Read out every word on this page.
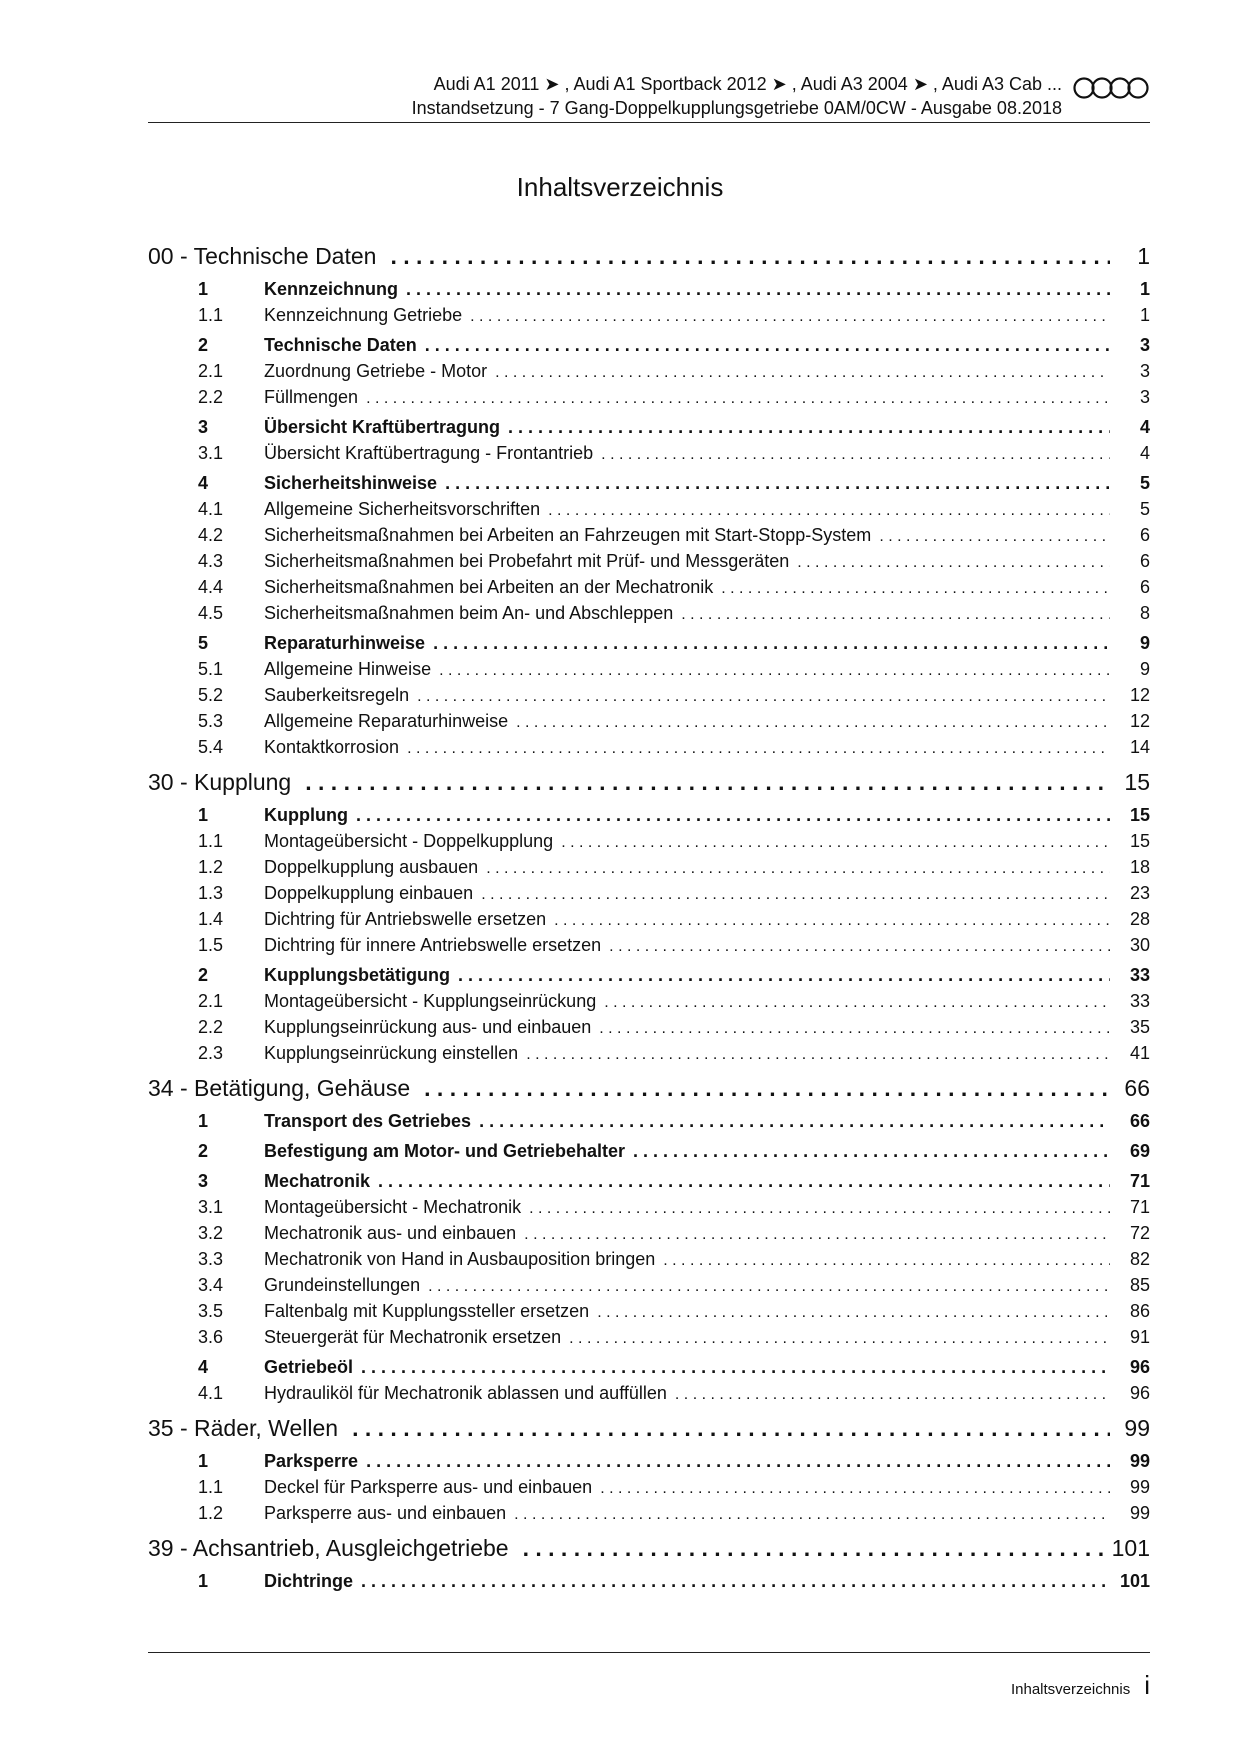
Audi A1 2011 ➤ , Audi A1 Sportback 2012 ➤ , Audi A3 2004 ➤ , Audi A3 Cab ...
Instandsetzung - 7 Gang-Doppelkupplungsgetriebe 0AM/0CW - Ausgabe 08.2018
Inhaltsverzeichnis
00 - Technische Daten . . .	1
1	Kennzeichnung . . .	1
1.1	Kennzeichnung Getriebe . . .	1
2	Technische Daten . . .	3
2.1	Zuordnung Getriebe - Motor . . .	3
2.2	Füllmengen . . .	3
3	Übersicht Kraftübertragung . . .	4
3.1	Übersicht Kraftübertragung - Frontantrieb . . .	4
4	Sicherheitshinweise . . .	5
4.1	Allgemeine Sicherheitsvorschriften . . .	5
4.2	Sicherheitsmaßnahmen bei Arbeiten an Fahrzeugen mit Start-Stopp-System . . .	6
4.3	Sicherheitsmaßnahmen bei Probefahrt mit Prüf- und Messgeräten . . .	6
4.4	Sicherheitsmaßnahmen bei Arbeiten an der Mechatronik . . .	6
4.5	Sicherheitsmaßnahmen beim An- und Abschleppen . . .	8
5	Reparaturhinweise . . .	9
5.1	Allgemeine Hinweise . . .	9
5.2	Sauberkeitsregeln . . .	12
5.3	Allgemeine Reparaturhinweise . . .	12
5.4	Kontaktkorrosion . . .	14
30 - Kupplung . . .	15
1	Kupplung . . .	15
1.1	Montageübersicht - Doppelkupplung . . .	15
1.2	Doppelkupplung ausbauen . . .	18
1.3	Doppelkupplung einbauen . . .	23
1.4	Dichtring für Antriebswelle ersetzen . . .	28
1.5	Dichtring für innere Antriebswelle ersetzen . . .	30
2	Kupplungsbetätigung . . .	33
2.1	Montageübersicht - Kupplungseinrückung . . .	33
2.2	Kupplungseinrückung aus- und einbauen . . .	35
2.3	Kupplungseinrückung einstellen . . .	41
34 - Betätigung, Gehäuse . . .	66
1	Transport des Getriebes . . .	66
2	Befestigung am Motor- und Getriebehalter . . .	69
3	Mechatronik . . .	71
3.1	Montageübersicht - Mechatronik . . .	71
3.2	Mechatronik aus- und einbauen . . .	72
3.3	Mechatronik von Hand in Ausbauposition bringen . . .	82
3.4	Grundeinstellungen . . .	85
3.5	Faltenbalg mit Kupplungssteller ersetzen . . .	86
3.6	Steuergerät für Mechatronik ersetzen . . .	91
4	Getriebeöl . . .	96
4.1	Hydrauliköl für Mechatronik ablassen und auffüllen . . .	96
35 - Räder, Wellen . . .	99
1	Parksperre . . .	99
1.1	Deckel für Parksperre aus- und einbauen . . .	99
1.2	Parksperre aus- und einbauen . . .	99
39 - Achsantrieb, Ausgleichgetriebe . . .	101
1	Dichtringe . . .	101
Inhaltsverzeichnis i
